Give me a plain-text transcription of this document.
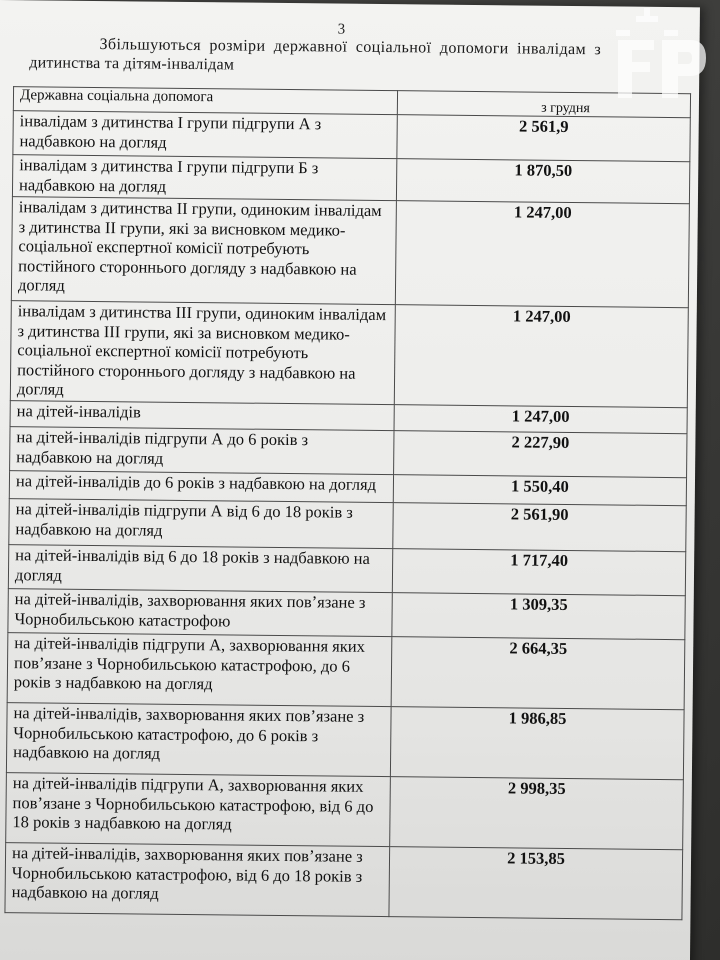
3
Збільшуються розміри державної соціальної допомоги інвалідам з
дитинства та дітям-інвалідам
Державна соціальна допомога	з грудня
інвалідам з дитинства I групи підгрупи А з надбавкою на догляд	2 561,9
інвалідам з дитинства I групи підгрупи Б з надбавкою на догляд	1 870,50
інвалідам з дитинства II групи, одиноким інвалідам з дитинства II групи, які за висновком медико-соціальної експертної комісії потребують постійного стороннього догляду з надбавкою на догляд	1 247,00
інвалідам з дитинства III групи, одиноким інвалідам з дитинства III групи, які за висновком медико-соціальної експертної комісії потребують постійного стороннього догляду з надбавкою на догляд	1 247,00
на дітей-інвалідів	1 247,00
на дітей-інвалідів підгрупи А до 6 років з надбавкою на догляд	2 227,90
на дітей-інвалідів до 6 років з надбавкою на догляд	1 550,40
на дітей-інвалідів підгрупи А від 6 до 18 років з надбавкою на догляд	2 561,90
на дітей-інвалідів від 6 до 18 років з надбавкою на догляд	1 717,40
на дітей-інвалідів, захворювання яких пов’язане з Чорнобильською катастрофою	1 309,35
на дітей-інвалідів підгрупи А, захворювання яких пов’язане з Чорнобильською катастрофою, до 6 років з надбавкою на догляд	2 664,35
на дітей-інвалідів, захворювання яких пов’язане з Чорнобильською катастрофою, до 6 років з надбавкою на догляд	1 986,85
на дітей-інвалідів підгрупи А, захворювання яких пов’язане з Чорнобильською катастрофою, від 6 до 18 років з надбавкою на догляд	2 998,35
на дітей-інвалідів, захворювання яких пов’язане з Чорнобильською катастрофою, від 6 до 18 років з надбавкою на догляд	2 153,85
